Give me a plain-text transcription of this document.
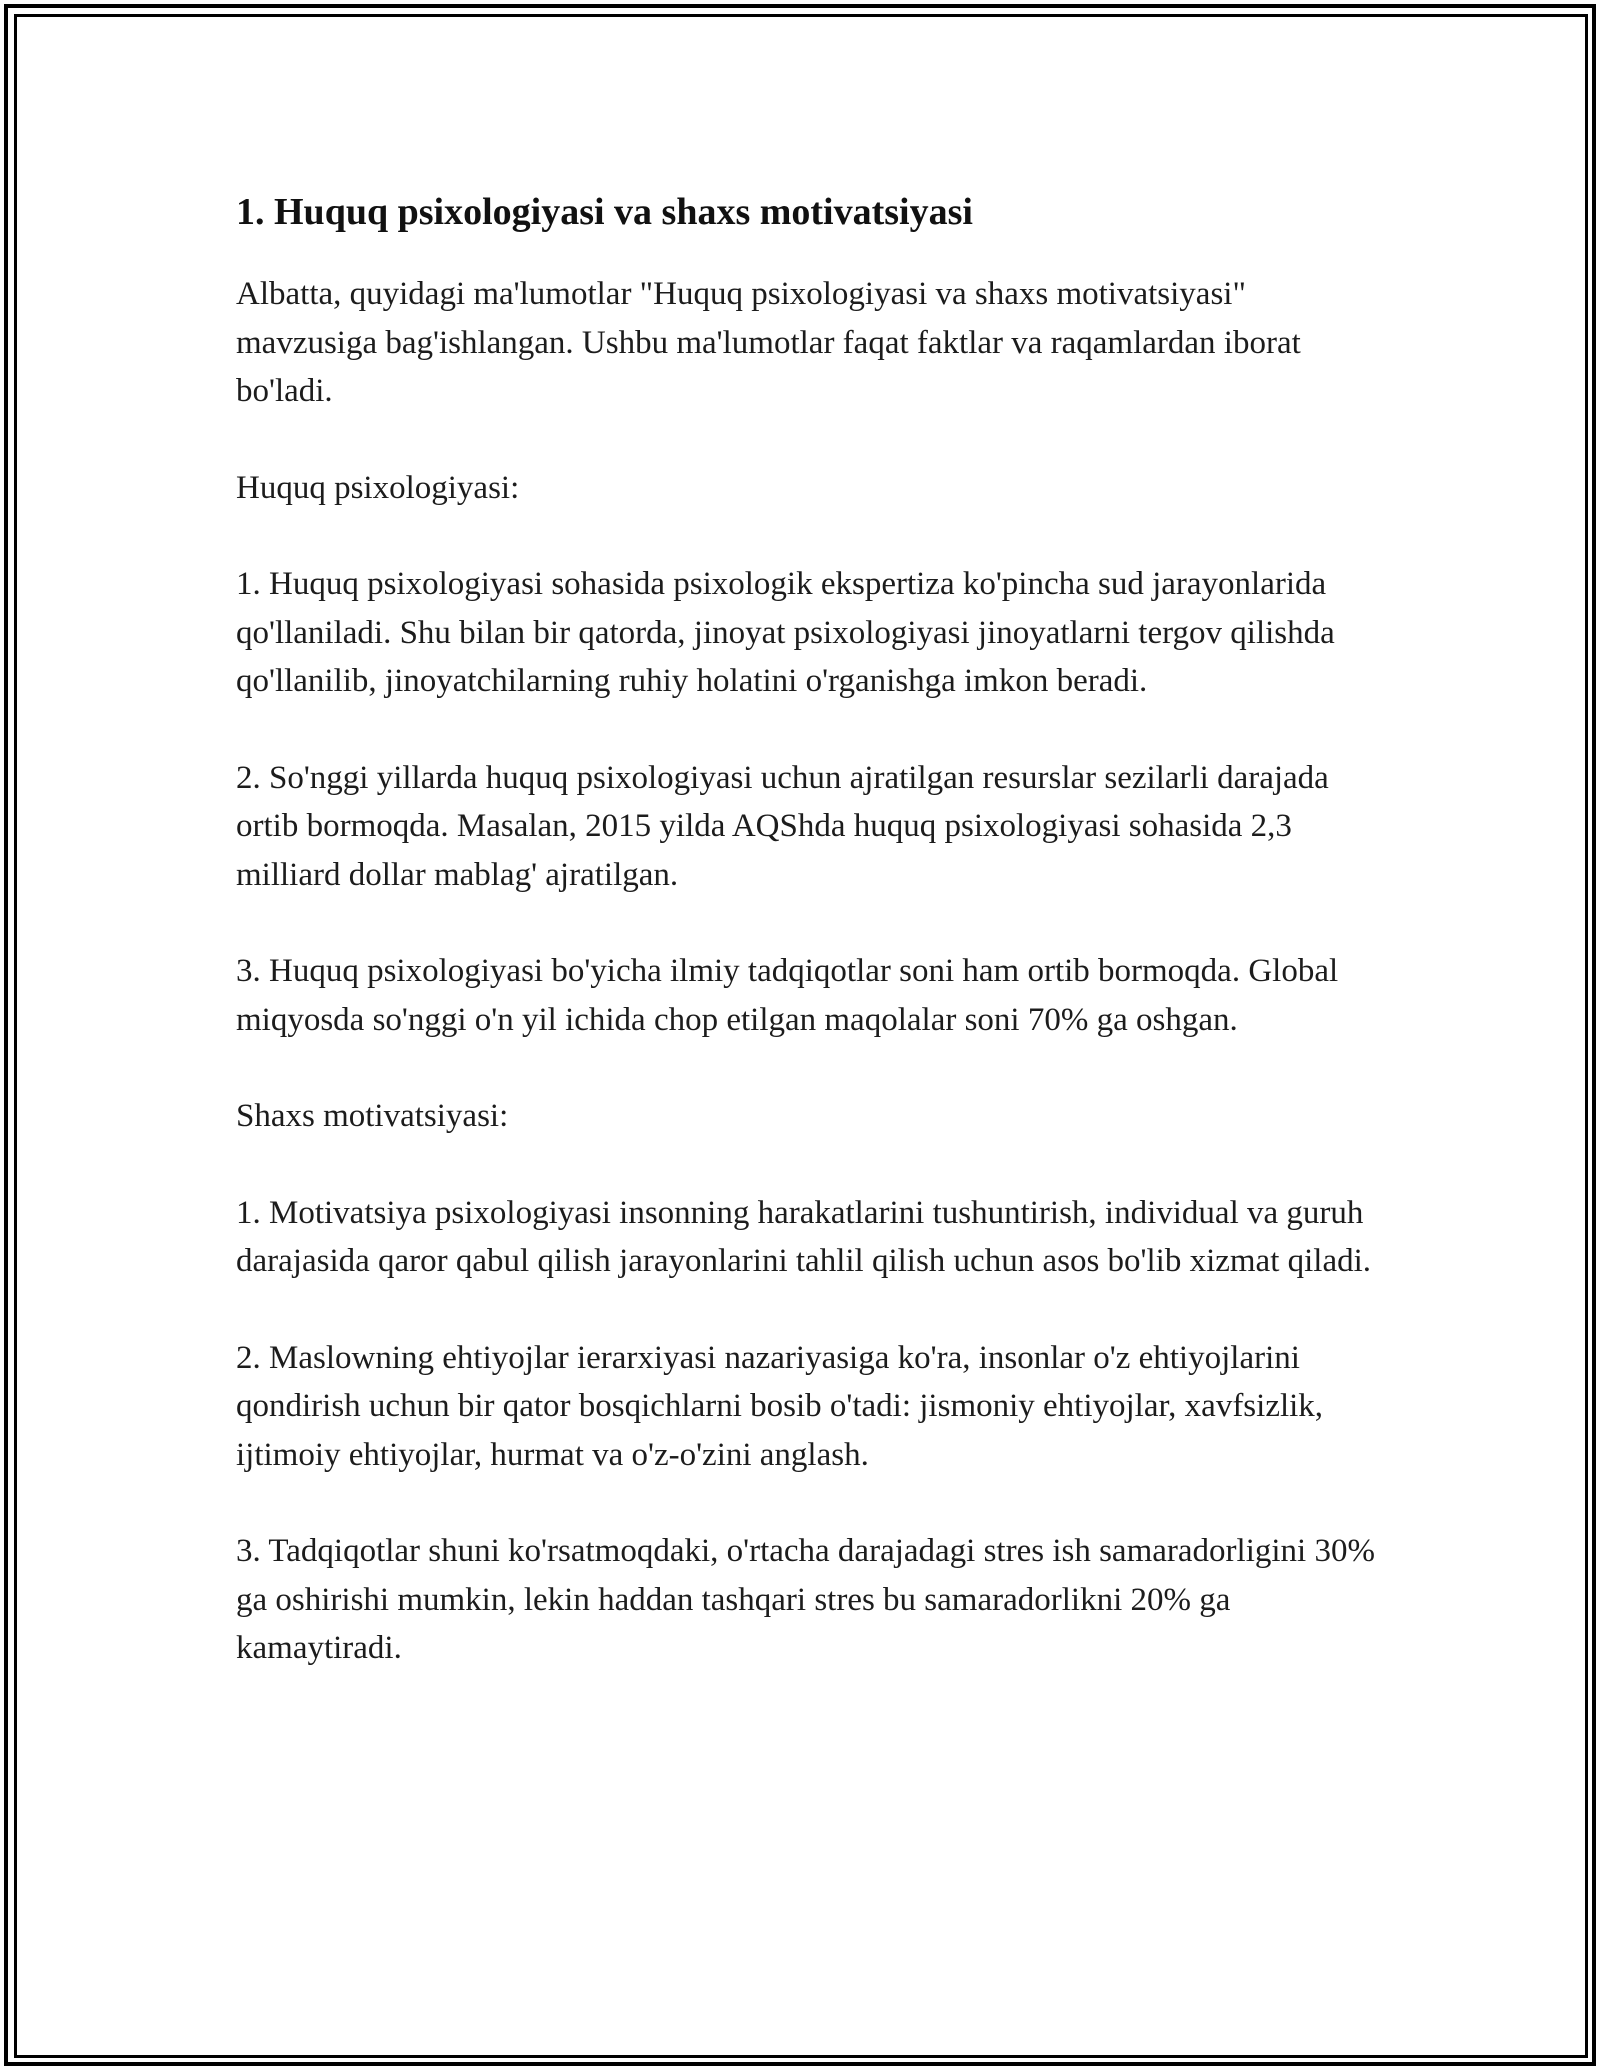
1. Huquq psixologiyasi va shaxs motivatsiyasi

Albatta, quyidagi ma'lumotlar "Huquq psixologiyasi va shaxs motivatsiyasi" mavzusiga bag'ishlangan. Ushbu ma'lumotlar faqat faktlar va raqamlardan iborat bo'ladi.

Huquq psixologiyasi:

1. Huquq psixologiyasi sohasida psixologik ekspertiza ko'pincha sud jarayonlarida qo'llaniladi. Shu bilan bir qatorda, jinoyat psixologiyasi jinoyatlarni tergov qilishda qo'llanilib, jinoyatchilarning ruhiy holatini o'rganishga imkon beradi.

2. So'nggi yillarda huquq psixologiyasi uchun ajratilgan resurslar sezilarli darajada ortib bormoqda. Masalan, 2015 yilda AQShda huquq psixologiyasi sohasida 2,3 milliard dollar mablag' ajratilgan.

3. Huquq psixologiyasi bo'yicha ilmiy tadqiqotlar soni ham ortib bormoqda. Global miqyosda so'nggi o'n yil ichida chop etilgan maqolalar soni 70% ga oshgan.

Shaxs motivatsiyasi:

1. Motivatsiya psixologiyasi insonning harakatlarini tushuntirish, individual va guruh darajasida qaror qabul qilish jarayonlarini tahlil qilish uchun asos bo'lib xizmat qiladi.

2. Maslowning ehtiyojlar ierarxiyasi nazariyasiga ko'ra, insonlar o'z ehtiyojlarini qondirish uchun bir qator bosqichlarni bosib o'tadi: jismoniy ehtiyojlar, xavfsizlik, ijtimoiy ehtiyojlar, hurmat va o'z-o'zini anglash.

3. Tadqiqotlar shuni ko'rsatmoqdaki, o'rtacha darajadagi stres ish samaradorligini 30% ga oshirishi mumkin, lekin haddan tashqari stres bu samaradorlikni 20% ga kamaytiradi.
